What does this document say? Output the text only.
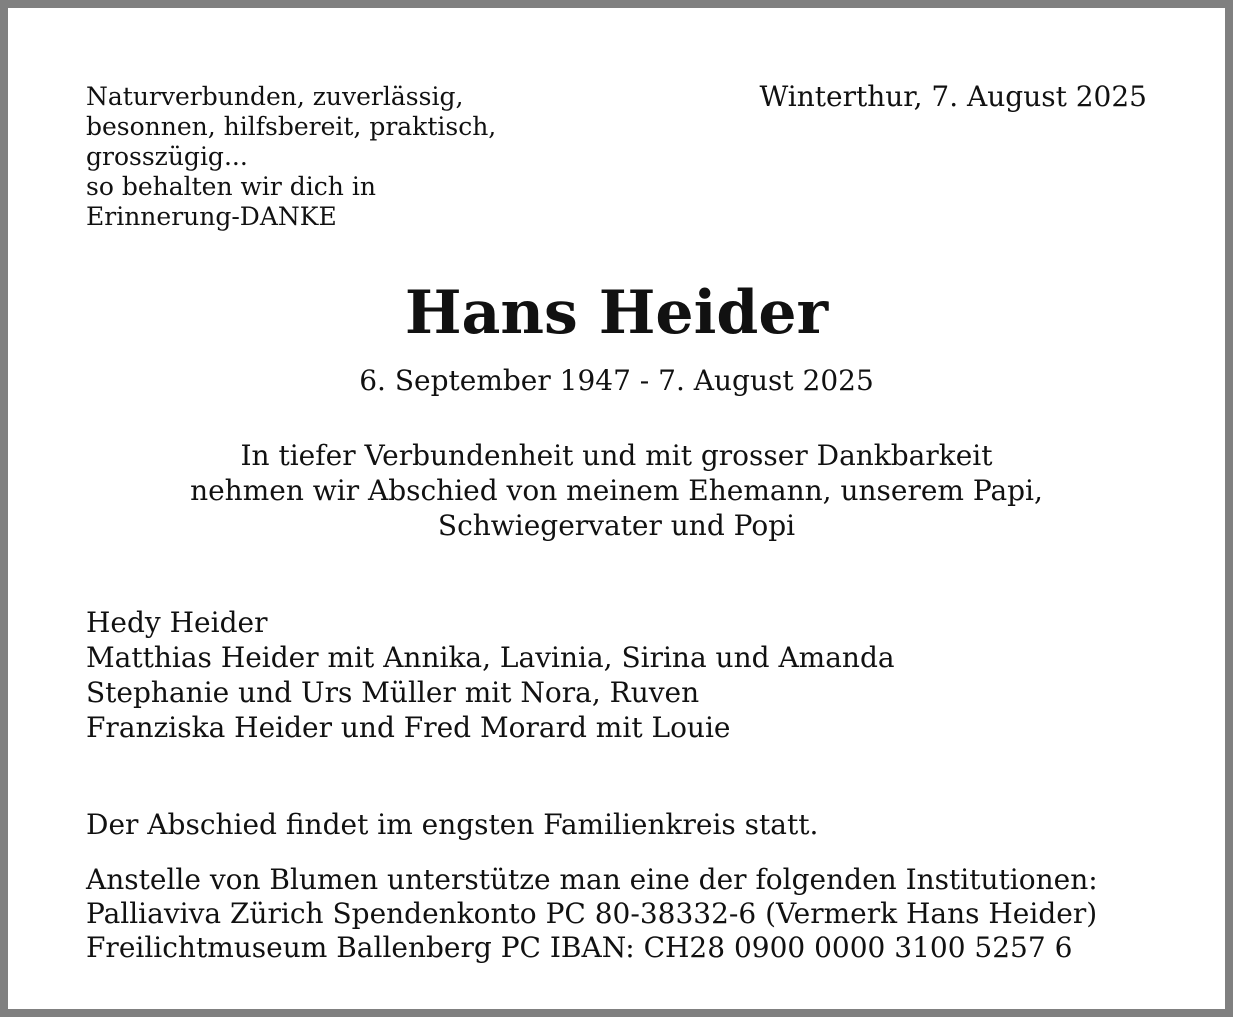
Naturverbunden, zuverlässig,
besonnen, hilfsbereit, praktisch,
grosszügig...
so behalten wir dich in
Erinnerung-DANKE
Winterthur, 7. August 2025
Hans Heider
6. September 1947 - 7. August 2025
In tiefer Verbundenheit und mit grosser Dankbarkeit
nehmen wir Abschied von meinem Ehemann, unserem Papi,
Schwiegervater und Popi
Hedy Heider
Matthias Heider mit Annika, Lavinia, Sirina und Amanda
Stephanie und Urs Müller mit Nora, Ruven
Franziska Heider und Fred Morard mit Louie
Der Abschied findet im engsten Familienkreis statt.
Anstelle von Blumen unterstütze man eine der folgenden Institutionen:
Palliaviva Zürich Spendenkonto PC 80-38332-6 (Vermerk Hans Heider)
Freilichtmuseum Ballenberg PC IBAN: CH28 0900 0000 3100 5257 6
